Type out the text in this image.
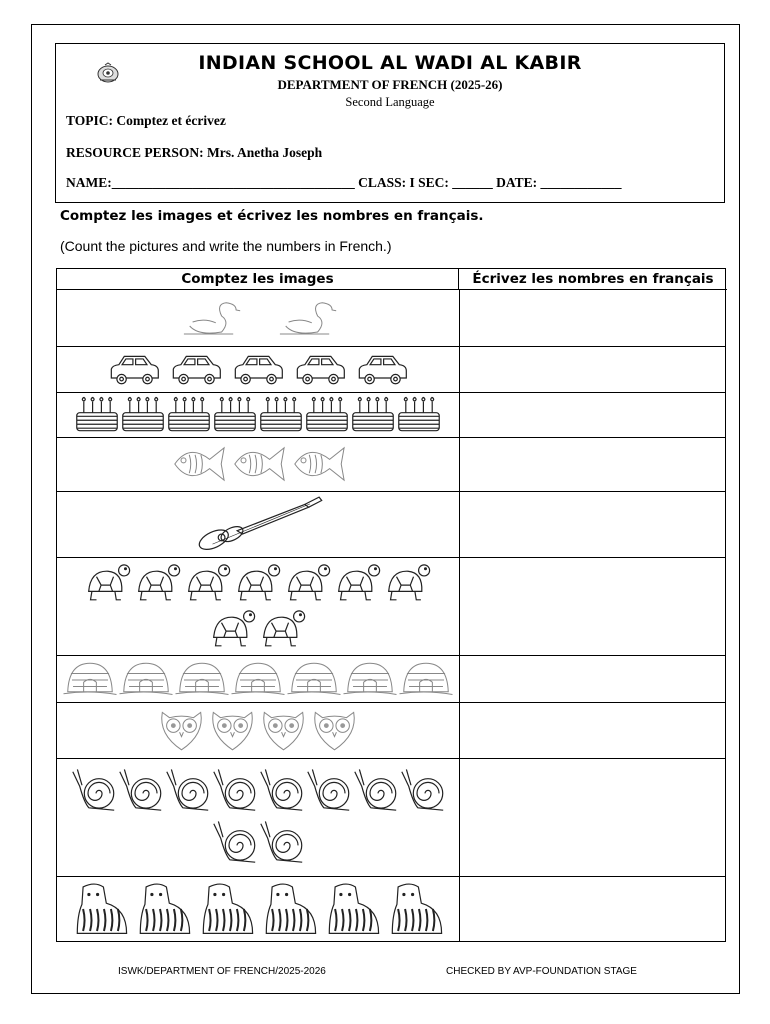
INDIAN SCHOOL AL WADI AL KABIR
DEPARTMENT OF FRENCH (2025-26)
Second Language
TOPIC: Comptez et écrivez
RESOURCE PERSON: Mrs. Anetha Joseph
NAME:____________________________________ CLASS: I SEC: ______ DATE: ____________
Comptez les images et écrivez les nombres en français.
(Count the pictures and write the numbers in French.)
Comptez les images	Écrivez les nombres en français
ISWK/DEPARTMENT OF FRENCH/2025-2026	CHECKED BY AVP-FOUNDATION STAGE
